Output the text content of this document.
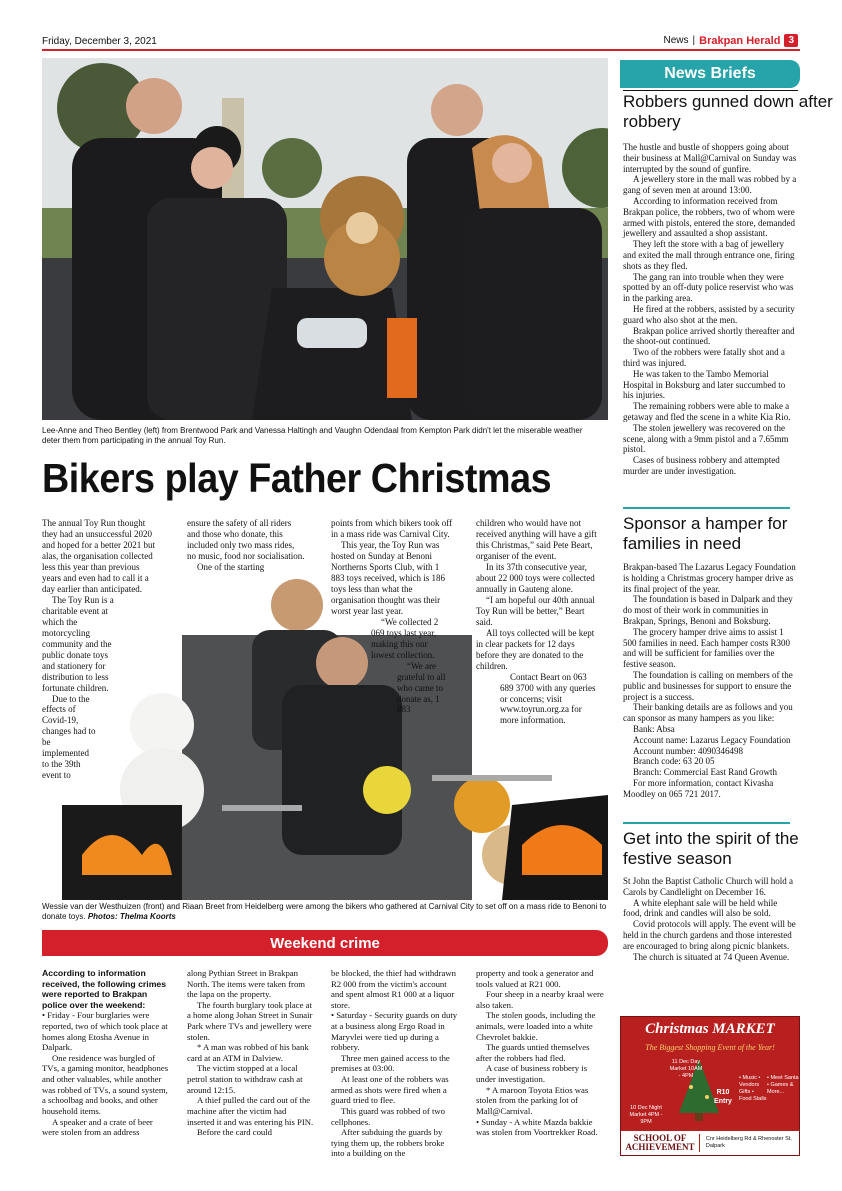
Friday, December 3, 2021	News | Brakpan Herald 3
Lee-Anne and Theo Bentley (left) from Brentwood Park and Vanessa Haltingh and Vaughn Odendaal from Kempton Park didn't let the miserable weather deter them from participating in the annual Toy Run.
Bikers play Father Christmas

The annual Toy Run thought they had an unsuccessful 2020 and hoped for a better 2021 but alas, the organisation collected less this year than previous years and even had to call it a day earlier than anticipated.

The Toy Run is a charitable event at which the motorcycling community and the public donate toys and stationery for distribution to less fortunate children.

Due to the effects of Covid-19, changes had to be implemented to the 39th event to

ensure the safety of all riders and those who donate, this included only two mass rides, no music, food nor socialisation.

One of the starting

points from which bikers took off in a mass ride was Carnival City.

This year, the Toy Run was hosted on Sunday at Benoni Northerns Sports Club, with 1 883 toys received, which is 186 toys less than what the organisation thought was their worst year last year.

“We collected 2 069 toys last year, making this our lowest collection.

“We are grateful to all who came to donate as, 1 883

children who would have not received anything will have a gift this Christmas,” said Pete Beart, organiser of the event.

In its 37th consecutive year, about 22 000 toys were collected annually in Gauteng alone.

“I am hopeful our 40th annual Toy Run will be better,” Beart said.

All toys collected will be kept in clear packets for 12 days before they are donated to the children.

Contact Beart on 063 689 3700 with any queries or concerns; visit www.toyrun.org.za for more information.

Wessie van der Westhuizen (front) and Riaan Breet from Heidelberg were among the bikers who gathered at Carnival City to set off on a mass ride to Benoni to donate toys. Photos: Thelma Koorts
Weekend crime

According to information received, the following crimes were reported to Brakpan police over the weekend:

• Friday - Four burglaries were reported, two of which took place at homes along Etosha Avenue in Dalpark.

One residence was burgled of TVs, a gaming monitor, headphones and other valuables, while another was robbed of TVs, a sound system, a schoolbag and books, and other household items.

A speaker and a crate of beer were stolen from an address

along Pythian Street in Brakpan North. The items were taken from the lapa on the property.

The fourth burglary took place at a home along Johan Street in Sunair Park where TVs and jewellery were stolen.

* A man was robbed of his bank card at an ATM in Dalview.

The victim stopped at a local petrol station to withdraw cash at around 12:15.

A thief pulled the card out of the machine after the victim had inserted it and was entering his PIN.

Before the card could

be blocked, the thief had withdrawn R2 000 from the victim's account and spent almost R1 000 at a liquor store.

• Saturday - Security guards on duty at a business along Ergo Road in Maryvlei were tied up during a robbery.

Three men gained access to the premises at 03:00.

At least one of the robbers was armed as shots were fired when a guard tried to flee.

This guard was robbed of two cellphones.

After subduing the guards by tying them up, the robbers broke into a building on the

property and took a generator and tools valued at R21 000.

Four sheep in a nearby kraal were also taken.

The stolen goods, including the animals, were loaded into a white Chevrolet bakkie.

The guards untied themselves after the robbers had fled.

A case of business robbery is under investigation.

* A maroon Toyota Etios was stolen from the parking lot of Mall@Carnival.

• Sunday - A white Mazda bakkie was stolen from Voortrekker Road.

News Briefs
Robbers gunned down after robbery

The hustle and bustle of shoppers going about their business at Mall@Carnival on Sunday was interrupted by the sound of gunfire.

A jewellery store in the mall was robbed by a gang of seven men at around 13:00.

According to information received from Brakpan police, the robbers, two of whom were armed with pistols, entered the store, demanded jewellery and assaulted a shop assistant.

They left the store with a bag of jewellery and exited the mall through entrance one, firing shots as they fled.

The gang ran into trouble when they were spotted by an off-duty police reservist who was in the parking area.

He fired at the robbers, assisted by a security guard who also shot at the men.

Brakpan police arrived shortly thereafter and the shoot-out continued.

Two of the robbers were fatally shot and a third was injured.

He was taken to the Tambo Memorial Hospital in Boksburg and later succumbed to his injuries.

The remaining robbers were able to make a getaway and fled the scene in a white Kia Rio.

The stolen jewellery was recovered on the scene, along with a 9mm pistol and a 7.65mm pistol.

Cases of business robbery and attempted murder are under investigation.

Sponsor a hamper for families in need

Brakpan-based The Lazarus Legacy Foundation is holding a Christmas grocery hamper drive as its final project of the year.

The foundation is based in Dalpark and they do most of their work in communities in Brakpan, Springs, Benoni and Boksburg.

The grocery hamper drive aims to assist 1 500 families in need. Each hamper costs R300 and will be sufficient for families over the festive season.

The foundation is calling on members of the public and businesses for support to ensure the project is a success.

Their banking details are as follows and you can sponsor as many hampers as you like:

Bank: Absa

Account name: Lazarus Legacy Foundation

Account number: 4090346498

Branch code: 63 20 05

Branch: Commercial East Rand Growth

For more information, contact Kivasha Moodley on 065 721 2017.

Get into the spirit of the festive season

St John the Baptist Catholic Church will hold a Carols by Candlelight on December 16.

A white elephant sale will be held while food, drink and candles will also be sold.

Covid protocols will apply. The event will be held in the church gardens and those interested are encouraged to bring along picnic blankets.

The church is situated at 74 Queen Avenue.

Christmas MARKET
The Biggest Shopping Event of the Year!
10 Dec Night Market 4PM - 9PM
11 Dec Day Market 10AM - 4PM
R10 Entry
• Music • Vendors Gifts • Food Stalls
• Meet Santa • Games & More...
SCHOOL OF ACHIEVEMENT
Cnr Heidelberg Rd & Rhenoster St, Dalpark
